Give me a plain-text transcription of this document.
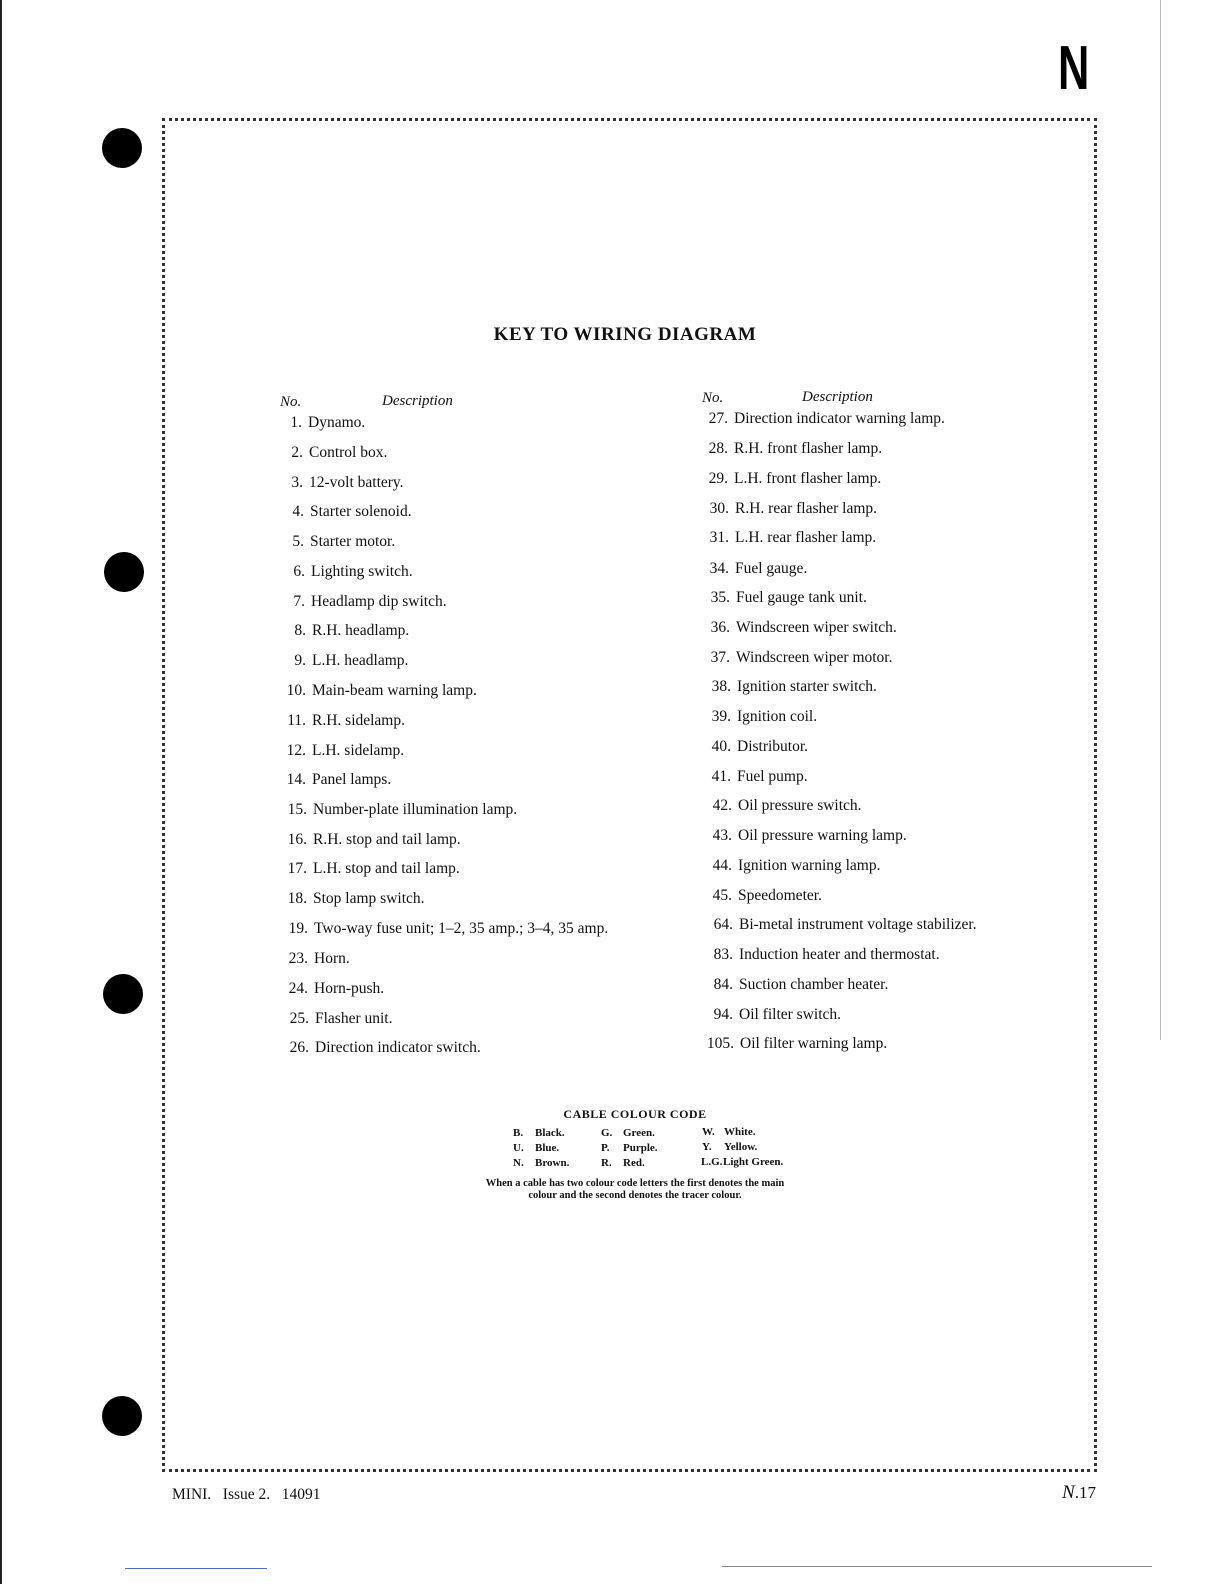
N
KEY TO WIRING DIAGRAM
No.	Description	No.	Description
1. Dynamo.
2. Control box.
3. 12-volt battery.
4. Starter solenoid.
5. Starter motor.
6. Lighting switch.
7. Headlamp dip switch.
8. R.H. headlamp.
9. L.H. headlamp.
10. Main-beam warning lamp.
11. R.H. sidelamp.
12. L.H. sidelamp.
14. Panel lamps.
15. Number-plate illumination lamp.
16. R.H. stop and tail lamp.
17. L.H. stop and tail lamp.
18. Stop lamp switch.
19. Two-way fuse unit; 1–2, 35 amp.; 3–4, 35 amp.
23. Horn.
24. Horn-push.
25. Flasher unit.
26. Direction indicator switch.
27. Direction indicator warning lamp.
28. R.H. front flasher lamp.
29. L.H. front flasher lamp.
30. R.H. rear flasher lamp.
31. L.H. rear flasher lamp.
34. Fuel gauge.
35. Fuel gauge tank unit.
36. Windscreen wiper switch.
37. Windscreen wiper motor.
38. Ignition starter switch.
39. Ignition coil.
40. Distributor.
41. Fuel pump.
42. Oil pressure switch.
43. Oil pressure warning lamp.
44. Ignition warning lamp.
45. Speedometer.
64. Bi-metal instrument voltage stabilizer.
83. Induction heater and thermostat.
84. Suction chamber heater.
94. Oil filter switch.
105. Oil filter warning lamp.
CABLE COLOUR CODE
B. Black.
U. Blue.
N. Brown.
G. Green.
P. Purple.
R. Red.
W. White.
Y. Yellow.
L.G.Light Green.
When a cable has two colour code letters the first denotes the main
colour and the second denotes the tracer colour.
MINI.   Issue 2.   14091	N.17
